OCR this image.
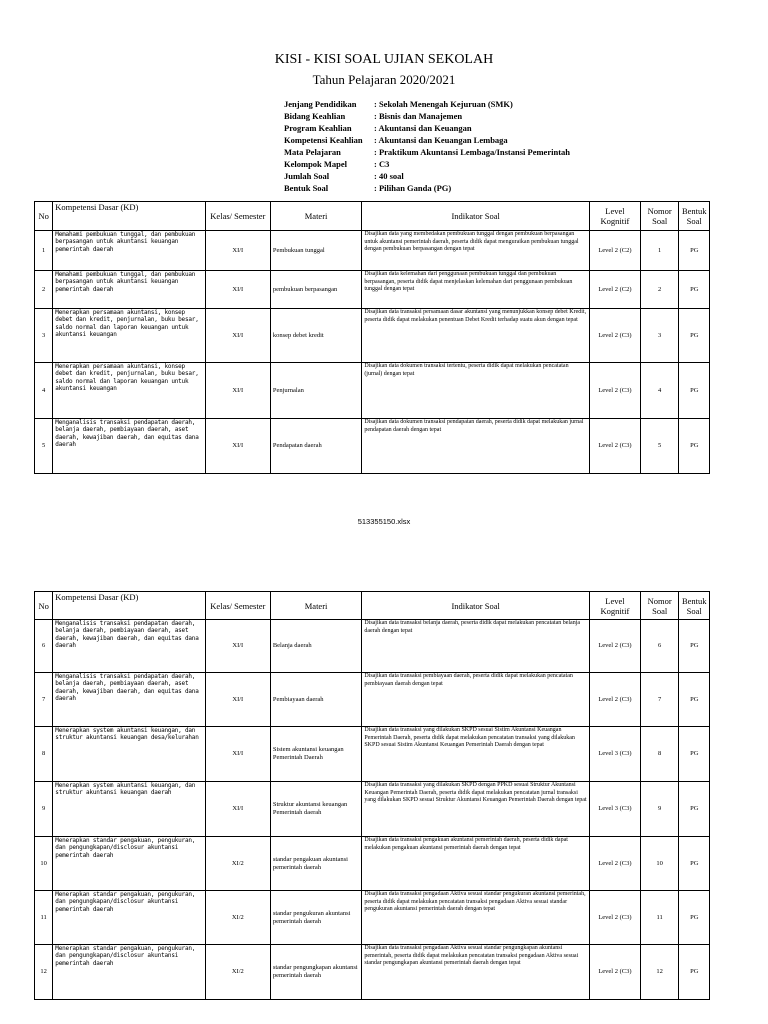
KISI - KISI SOAL UJIAN SEKOLAH
Tahun Pelajaran 2020/2021
Jenjang Pendidikan	: Sekolah Menengah Kejuruan (SMK)
Bidang Keahlian	: Bisnis dan Manajemen
Program Keahlian	: Akuntansi dan Keuangan
Kompetensi Keahlian	: Akuntansi dan Keuangan Lembaga
Mata Pelajaran	: Praktikum Akuntansi Lembaga/Instansi Pemerintah
Kelompok Mapel	: C3
Jumlah Soal	: 40 soal
Bentuk Soal	: Pilihan Ganda (PG)
No	Kompetensi Dasar (KD)	Kelas/ Semester	Materi	Indikator Soal	Level Kognitif	Nomor Soal	Bentuk Soal
1	Memahami pembukuan tunggal, dan pembukuan berpasangan untuk akuntansi keuangan pemerintah daerah	XI/I	Pembukuan tunggal	Disajikan data yang membedakan pembukuan tunggal dengan pembukuan berpasangan untuk akuntansi pemerintah daerah, peserta didik dapat menguraikan pembukuan tunggal dengan pembukuan berpasangan dengan tepat	Level 2 (C2)	1	PG
2	Memahami pembukuan tunggal, dan pembukuan berpasangan untuk akuntansi keuangan pemerintah daerah	XI/I	pembukuan berpasangan	Disajikan data kelemahan dari penggunaan pembukuan tunggal dan pembukuan berpasangan, peserta didik dapat menjelaskan kelemahan dari penggunaan pembukuan tunggal dengan tepat	Level 2 (C2)	2	PG
3	Menerapkan persamaan akuntansi, konsep debet dan kredit, penjurnalan, buku besar, saldo normal dan laporan keuangan untuk akuntansi keuangan	XI/I	konsep debet kredit	Disajikan data transaksi persamaan dasar akuntansi yang menunjukkan konsep debet Kredit, peserta didik dapat melakukan penentuan Debet Kredit terhadap suatu akun dengan tepat	Level 2 (C3)	3	PG
4	Menerapkan persamaan akuntansi, konsep debet dan kredit, penjurnalan, buku besar, saldo normal dan laporan keuangan untuk akuntansi keuangan	XI/I	Penjurnalan	Disajikan data dokumen transaksi tertentu, peserta didik dapat melakukan pencatatan (jurnal) dengan tepat	Level 2 (C3)	4	PG
5	Menganalisis transaksi pendapatan daerah, belanja daerah, pembiayaan daerah, aset daerah, kewajiban daerah, dan equitas dana daerah	XI/I	Pendapatan daerah	Disajikan data dokumen transaksi pendapatan daerah, peserta didik dapat melakukan jurnal pendapatan daerah dengan tepat	Level 2 (C3)	5	PG
513355150.xlsx
No	Kompetensi Dasar (KD)	Kelas/ Semester	Materi	Indikator Soal	Level Kognitif	Nomor Soal	Bentuk Soal
6	Menganalisis transaksi pendapatan daerah, belanja daerah, pembiayaan daerah, aset daerah, kewajiban daerah, dan equitas dana daerah	XI/I	Belanja daerah	Disajikan data transaksi belanja daerah, peserta didik dapat melakukan pencatatan belanja daerah dengan tepat	Level 2 (C3)	6	PG
7	Menganalisis transaksi pendapatan daerah, belanja daerah, pembiayaan daerah, aset daerah, kewajiban daerah, dan equitas dana daerah	XI/I	Pembiayaan daerah	Disajikan data transaksi pembiayaan daerah, peserta didik dapat melakukan pencatatan pembiayaan daerah dengan tepat	Level 2 (C3)	7	PG
8	Menerapkan system akuntansi keuangan, dan struktur akuntansi keuangan desa/kelurahan	XI/I	Sistem akuntansi keuangan Pemerintah Daerah	Disajikan data transaksi yang dilakukan SKPD sesuai Sistim Akuntansi Keuangan Pemerintah Daerah, peserta didik dapat melakukan pencatatan transaksi yang dilakukan SKPD sesuai Sistim Akuntansi Keuangan Pemerintah Daerah dengan tepat	Level 3 (C3)	8	PG
9	Menerapkan system akuntansi keuangan, dan struktur akuntansi keuangan daerah	XI/I	Struktur akuntansi keuangan Pemerintah daerah	Disajikan data transaksi yang dilakukan SKPD dengan PPKD sesuai Struktur Akuntansi Keuangan Pemerintah Daerah, peserta didik dapat melakukan pencatatan jurnal transaksi yang dilakukan SKPD sesuai Struktur Akuntansi Keuangan Pemerintah Daerah dengan tepat	Level 3 (C3)	9	PG
10	Menerapkan standar pengakuan, pengukuran, dan pengungkapan/disclosur akuntansi pemerintah daerah	XI/2	standar pengakuan akuntansi pemerintah daerah	Disajikan data transaksi pengakuan akuntansi pemerintah daerah, peserta didik dapat melakukan pengakuan akuntansi pemerintah daerah dengan tepat	Level 2 (C3)	10	PG
11	Menerapkan standar pengakuan, pengukuran, dan pengungkapan/disclosur akuntansi pemerintah daerah	XI/2	standar pengukuran akuntansi pemerintah daerah	Disajikan data transaksi pengadaan Aktiva sesuai standar pengukuran akuntansi pemerintah, peserta didik dapat melakukan pencatatan transaksi pengadaan Aktiva sesuai standar pengukuran akuntansi pemerintah daerah dengan tepat	Level 2 (C3)	11	PG
12	Menerapkan standar pengakuan, pengukuran, dan pengungkapan/disclosur akuntansi pemerintah daerah	XI/2	standar pengungkapan akuntansi pemerintah daerah	Disajikan data transaksi pengadaan Aktiva sesuai standar pengungkapan akuntansi pemerintah, peserta didik dapat melakukan pencatatan transaksi pengadaan Aktiva sesuai standar pengungkapan akuntansi pemerintah daerah dengan tepat	Level 2 (C3)	12	PG
